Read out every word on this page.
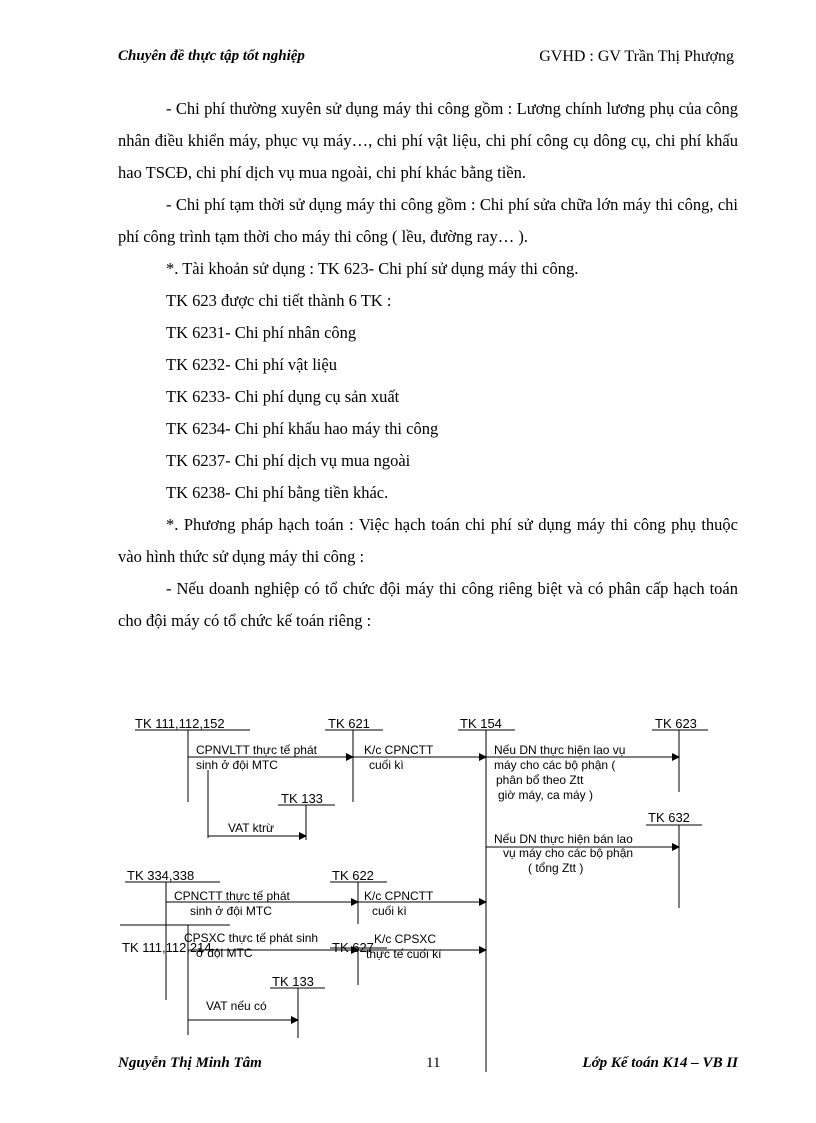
Chuyên đề thực tập tốt nghiệp	GVHD : GV Trần Thị Phượng

- Chi phí thường xuyên sử dụng máy thi công gồm : Lương chính lương phụ của công nhân điều khiển máy, phục vụ máy…, chi phí vật liệu, chi phí công cụ dông cụ, chi phí khấu hao TSCĐ, chi phí dịch vụ mua ngoài, chi phí khác bằng tiền.

- Chi phí tạm thời sử dụng máy thi công gồm : Chi phí sửa chữa lớn máy thi công, chi phí công trình tạm thời cho máy thi công ( lều, đường ray… ).

*. Tài khoản sử dụng : TK 623- Chi phí sử dụng máy thi công.

TK 623 được chi tiết thành 6 TK :

TK 6231- Chi phí nhân công

TK 6232- Chi phí vật liệu

TK 6233- Chi phí dụng cụ sản xuất

TK 6234- Chi phí khấu hao máy thi công

TK 6237- Chi phí dịch vụ mua ngoài

TK 6238- Chi phí bằng tiền khác.

*. Phương pháp hạch toán : Việc hạch toán chi phí sử dụng máy thi công phụ thuộc vào hình thức sử dụng máy thi công :

- Nếu doanh nghiệp có tổ chức đội máy thi công riêng biệt và có phân cấp hạch toán cho đội máy có tổ chức kế toán riêng :

TK 111,112,152	TK 621	TK 154	TK 623
TK 133
TK 632
TK 334,338	TK 622
TK 111,112,214	TK 627
TK 133
CPNVLTT thực tế phát
sinh ở đội MTC
K/c CPNCTT
cuối kì
Nếu DN thực hiện lao vụ
máy cho các bộ phận (
phân bổ theo Ztt
giờ máy, ca máy )
VAT ktrừ
Nếu DN thực hiện bán lao
vụ máy cho các bộ phận
( tổng Ztt )
CPNCTT thực tế phát
sinh ở đội MTC
K/c CPNCTT
cuối kì
CPSXC thực tế phát sinh
ở đội MTC
K/c CPSXC
thực tế cuối kì
VAT nếu có
Nguyễn Thị Minh Tâm	11	Lớp Kế toán K14 – VB II
